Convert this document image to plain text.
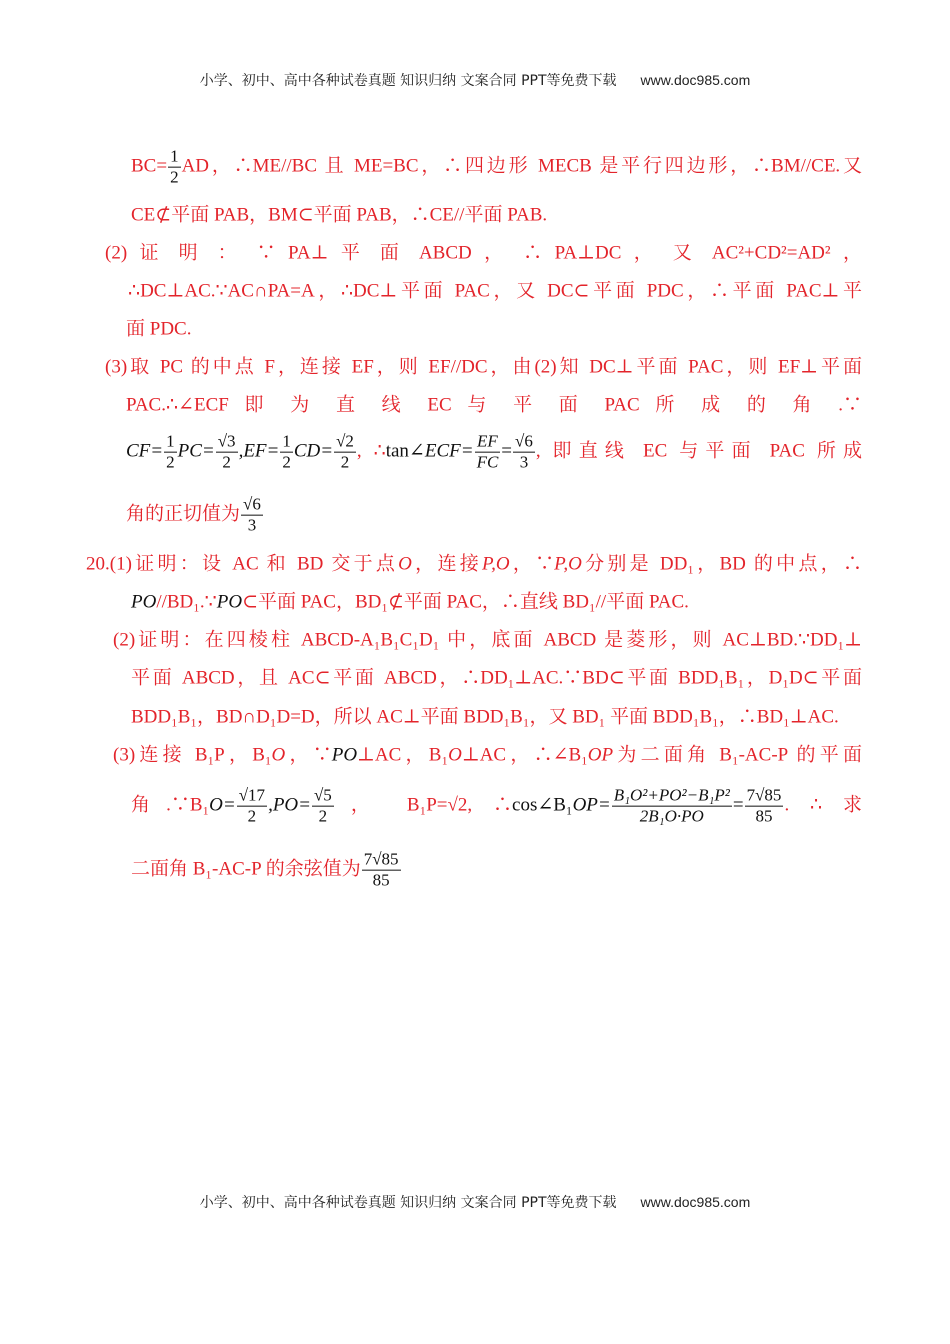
小学、初中、高中各种试卷真题 知识归纳 文案合同 PPT等免费下载 www.doc985.com
$BC= \frac{1}{2}$ AD，∴ME//BC 且 ME=BC，∴四边形 MECB 是平行四边形，∴BM//CE.又
CE⊄平面 PAB，BM⊂平面 PAB，∴CE//平面 PAB.
(2) 证 明 ： ∵ PA⊥ 平 面 ABCD ， ∴ PA⊥DC ， 又 AC²+CD²=AD² ，
∴DC⊥AC.∵AC∩PA=A，∴DC⊥平面 PAC，又 DC⊂平面 PDC，∴平面 PAC⊥平
面 PDC.
(3)取 PC 的中点 F，连接 EF，则 EF//DC，由(2)知 DC⊥平面 PAC，则 EF⊥平面
PAC.∴∠ECF 即 为 直 线 EC 与 平 面 PAC 所 成 的 角 .∵
$CF= \frac{1}{2} PC= \frac{√3}{2} ,EF= \frac{1}{2} CD= \frac{√2}{2}$ , ∴tan∠ECF= $\frac{EF}{FC} = \frac{√6}{3}$ , 即直线 EC 与平面 PAC 所成
角的正切值为 $\frac{√6}{3}$
20.(1)证明：设 AC 和 BD 交于点O，连接P,O，∵P,O分别是 DD₁，BD 的中点，∴
PO//BD₁.∵PO⊂平面 PAC，BD₁⊄平面 PAC，∴直线 BD₁//平面 PAC.
(2)证明：在四棱柱 ABCD-A₁B₁C₁D₁ 中，底面 ABCD 是菱形，则 AC⊥BD.∵DD₁⊥
平面 ABCD，且 AC⊂平面 ABCD，∴DD₁⊥AC.∵BD⊂平面 BDD₁B₁，D₁D⊂平面
BDD₁B₁，BD∩D₁D=D，所以 AC⊥平面 BDD₁B₁，又 BD₁ 平面 BDD₁B₁，∴BD₁⊥AC.
(3)连接 B₁P，B₁O，∵PO⊥AC，B₁O⊥AC，∴∠B₁OP为二面角 B₁-AC-P 的平面
角.∵B₁O= $\frac{√17}{2} ,PO= \frac{√5}{2}$ ， B₁P=√2, ∴cos∠B₁OP= $\frac{\text{B₁O²+PO²−B₁P²}}{\text{2B₁O·PO}} = \frac{7√85}{85}$ . ∴ 求
二面角 B₁-AC-P 的余弦值为 $\frac{7√85}{85}$
小学、初中、高中各种试卷真题 知识归纳 文案合同 PPT等免费下载 www.doc985.com
